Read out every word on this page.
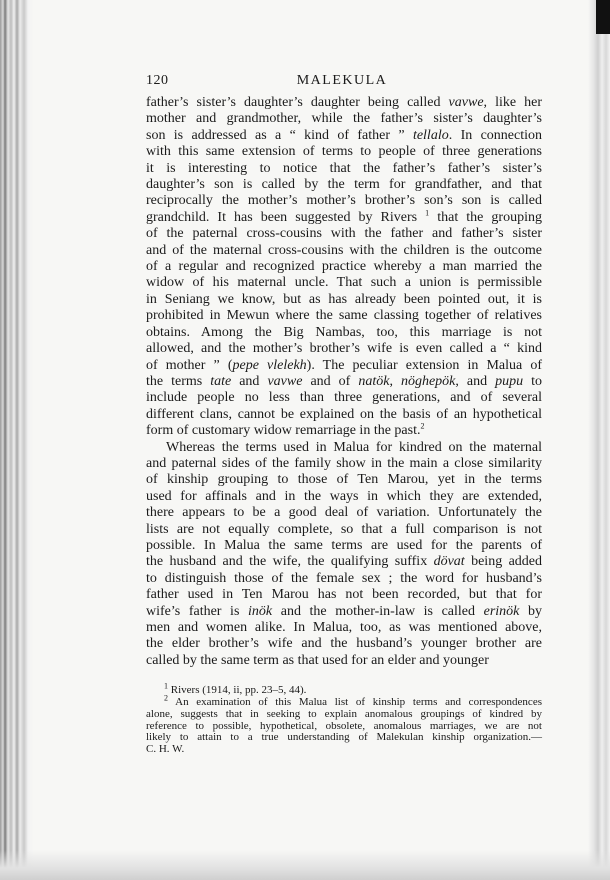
120	MALEKULA
father’s sister’s daughter’s daughter being called vavwe, like her
mother and grandmother, while the father’s sister’s daughter’s
son is addressed as a “ kind of father ” tellalo. In connection
with this same extension of terms to people of three generations
it is interesting to notice that the father’s father’s sister’s
daughter’s son is called by the term for grandfather, and that
reciprocally the mother’s mother’s brother’s son’s son is called
grandchild. It has been suggested by Rivers $^1$ that the grouping
of the paternal cross-cousins with the father and father’s sister
and of the maternal cross-cousins with the children is the outcome
of a regular and recognized practice whereby a man married the
widow of his maternal uncle. That such a union is permissible
in Seniang we know, but as has already been pointed out, it is
prohibited in Mewun where the same classing together of relatives
obtains. Among the Big Nambas, too, this marriage is not
allowed, and the mother’s brother’s wife is even called a “ kind
of mother ” (pepe vlelekh). The peculiar extension in Malua of
the terms tate and vavwe and of natök, nöghepök, and pupu to
include people no less than three generations, and of several
different clans, cannot be explained on the basis of an hypothetical
form of customary widow remarriage in the past.$^2$
Whereas the terms used in Malua for kindred on the maternal
and paternal sides of the family show in the main a close similarity
of kinship grouping to those of Ten Marou, yet in the terms
used for affinals and in the ways in which they are extended,
there appears to be a good deal of variation. Unfortunately the
lists are not equally complete, so that a full comparison is not
possible. In Malua the same terms are used for the parents of
the husband and the wife, the qualifying suffix dövat being added
to distinguish those of the female sex ; the word for husband’s
father used in Ten Marou has not been recorded, but that for
wife’s father is inök and the mother-in-law is called erinök by
men and women alike. In Malua, too, as was mentioned above,
the elder brother’s wife and the husband’s younger brother are
called by the same term as that used for an elder and younger
$^1$ Rivers (1914, ii, pp. 23–5, 44).
$^2$ An examination of this Malua list of kinship terms and correspondences
alone, suggests that in seeking to explain anomalous groupings of kindred by
reference to possible, hypothetical, obsolete, anomalous marriages, we are not
likely to attain to a true understanding of Malekulan kinship organization.—
C. H. W.
